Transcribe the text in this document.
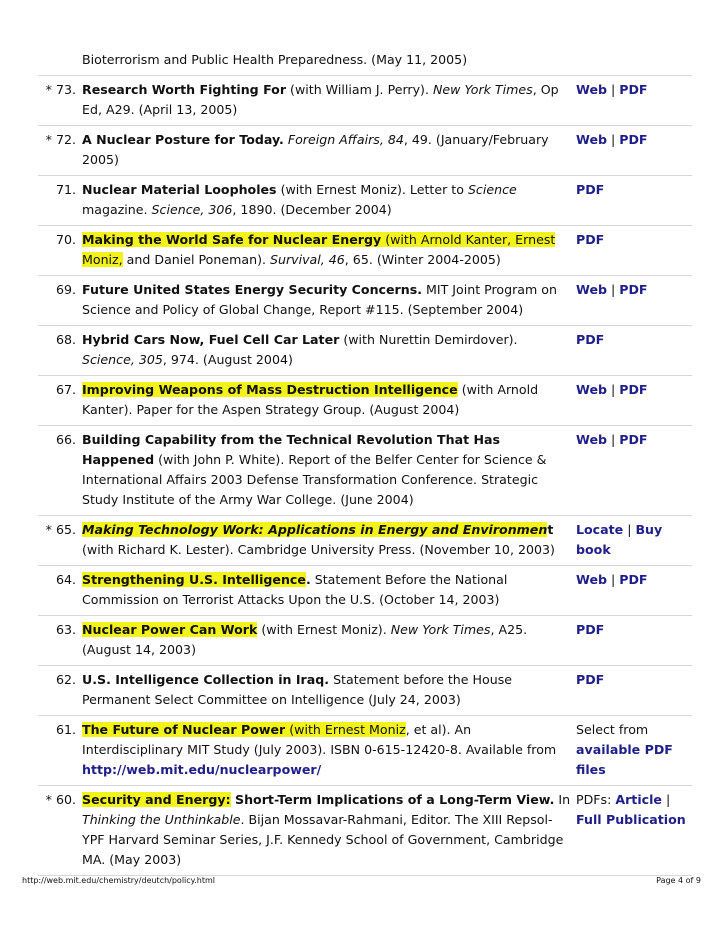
Bioterrorism and Public Health Preparedness. (May 11, 2005)
* 73. Research Worth Fighting For (with William J. Perry). New York Times, Op Ed, A29. (April 13, 2005)
Web | PDF
* 72. A Nuclear Posture for Today. Foreign Affairs, 84, 49. (January/February 2005)
Web | PDF
71. Nuclear Material Loopholes (with Ernest Moniz). Letter to Science magazine. Science, 306, 1890. (December 2004)
PDF
70. Making the World Safe for Nuclear Energy (with Arnold Kanter, Ernest Moniz, and Daniel Poneman). Survival, 46, 65. (Winter 2004-2005)
PDF
69. Future United States Energy Security Concerns. MIT Joint Program on Science and Policy of Global Change, Report #115. (September 2004)
Web | PDF
68. Hybrid Cars Now, Fuel Cell Car Later (with Nurettin Demirdover). Science, 305, 974. (August 2004)
PDF
67. Improving Weapons of Mass Destruction Intelligence (with Arnold Kanter). Paper for the Aspen Strategy Group. (August 2004)
Web | PDF
66. Building Capability from the Technical Revolution That Has Happened (with John P. White). Report of the Belfer Center for Science & International Affairs 2003 Defense Transformation Conference. Strategic Study Institute of the Army War College. (June 2004)
Web | PDF
* 65. Making Technology Work: Applications in Energy and Environment (with Richard K. Lester). Cambridge University Press. (November 10, 2003)
Locate | Buy book
64. Strengthening U.S. Intelligence. Statement Before the National Commission on Terrorist Attacks Upon the U.S. (October 14, 2003)
Web | PDF
63. Nuclear Power Can Work (with Ernest Moniz). New York Times, A25. (August 14, 2003)
PDF
62. U.S. Intelligence Collection in Iraq. Statement before the House Permanent Select Committee on Intelligence (July 24, 2003)
PDF
61. The Future of Nuclear Power (with Ernest Moniz, et al). An Interdisciplinary MIT Study (July 2003). ISBN 0-615-12420-8. Available from http://web.mit.edu/nuclearpower/
Select from available PDF files
* 60. Security and Energy: Short-Term Implications of a Long-Term View. In Thinking the Unthinkable. Bijan Mossavar-Rahmani, Editor. The XIII Repsol-YPF Harvard Seminar Series, J.F. Kennedy School of Government, Cambridge MA. (May 2003)
PDFs: Article | Full Publication
http://web.mit.edu/chemistry/deutch/policy.html	Page 4 of 9
